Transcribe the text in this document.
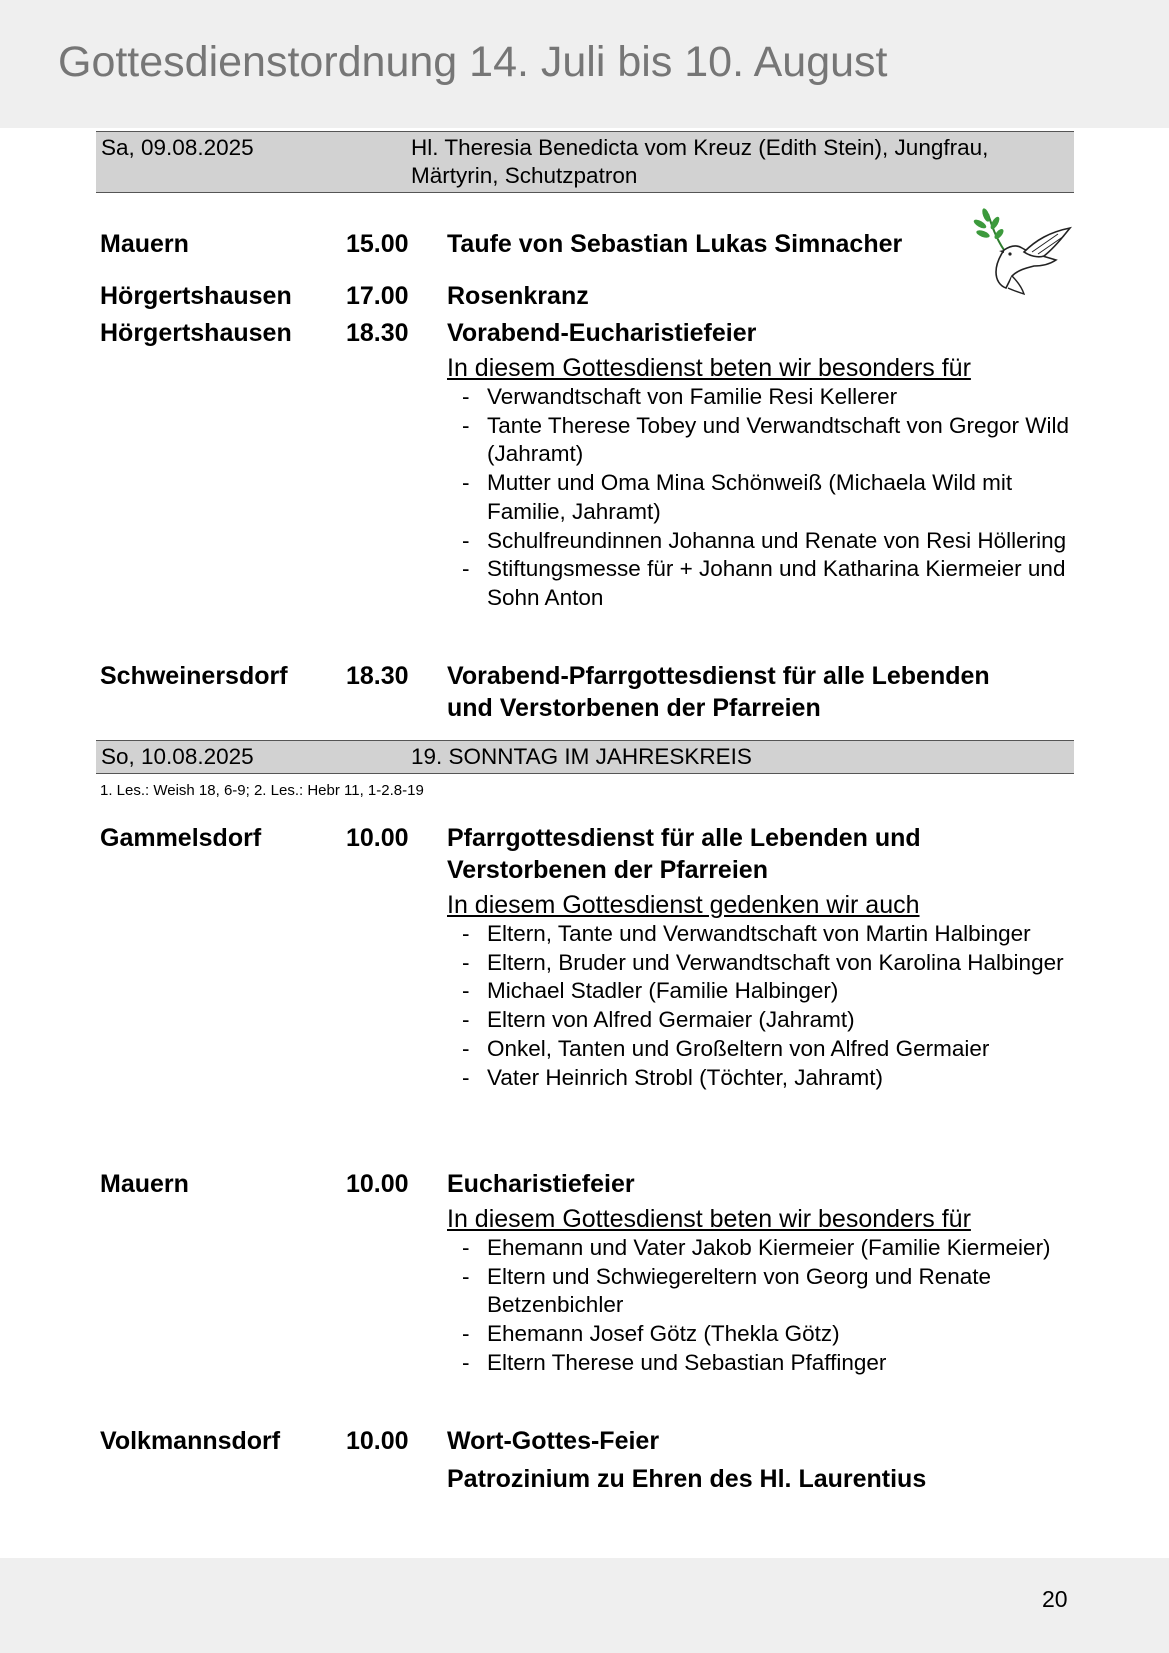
Gottesdienstordnung 14. Juli bis 10. August
Sa, 09.08.2025	Hl. Theresia Benedicta vom Kreuz (Edith Stein), Jungfrau,
Märtyrin, Schutzpatron
Mauern	15.00 Taufe von Sebastian Lukas Simnacher
Hörgertshausen 17.00 Rosenkranz
Hörgertshausen 18.30 Vorabend-Eucharistiefeier
In diesem Gottesdienst beten wir besonders für
- Verwandtschaft von Familie Resi Kellerer
- Tante Therese Tobey und Verwandtschaft von Gregor Wild (Jahramt)
- Mutter und Oma Mina Schönweiß (Michaela Wild mit Familie, Jahramt)
- Schulfreundinnen Johanna und Renate von Resi Höllering
- Stiftungsmesse für + Johann und Katharina Kiermeier und Sohn Anton
Schweinersdorf 18.30 Vorabend-Pfarrgottesdienst für alle Lebenden
und Verstorbenen der Pfarreien
So, 10.08.2025	19. SONNTAG IM JAHRESKREIS
1. Les.: Weish 18, 6-9; 2. Les.: Hebr 11, 1-2.8-19
Gammelsdorf	10.00 Pfarrgottesdienst für alle Lebenden und
Verstorbenen der Pfarreien
In diesem Gottesdienst gedenken wir auch
- Eltern, Tante und Verwandtschaft von Martin Halbinger
- Eltern, Bruder und Verwandtschaft von Karolina Halbinger
- Michael Stadler (Familie Halbinger)
- Eltern von Alfred Germaier (Jahramt)
- Onkel, Tanten und Großeltern von Alfred Germaier
- Vater Heinrich Strobl (Töchter, Jahramt)
Mauern	10.00 Eucharistiefeier
In diesem Gottesdienst beten wir besonders für
- Ehemann und Vater Jakob Kiermeier (Familie Kiermeier)
- Eltern und Schwiegereltern von Georg und Renate Betzenbichler
- Ehemann Josef Götz (Thekla Götz)
- Eltern Therese und Sebastian Pfaffinger
Volkmannsdorf	10.00 Wort-Gottes-Feier
Patrozinium zu Ehren des Hl. Laurentius
20
